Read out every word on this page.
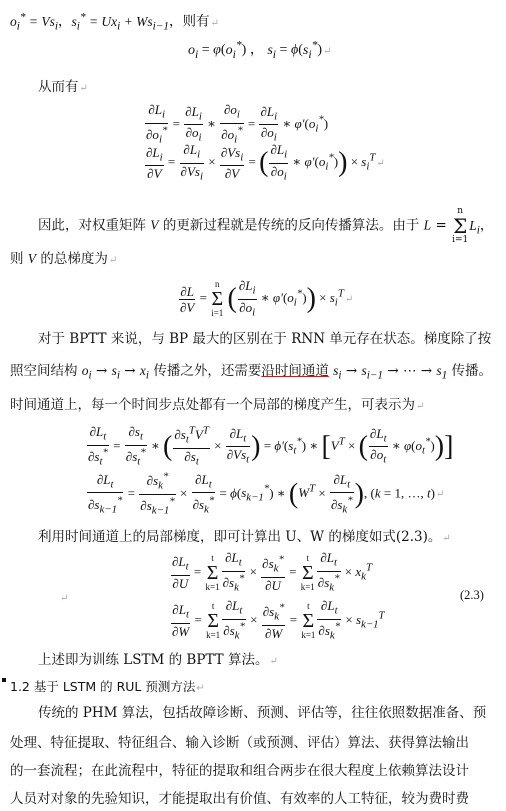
$o_i^* = Vs_i$，$s_i^* = Ux_i + Ws_{i-1}$，则有↵
$o_i = \varphi(o_i^*)$ ， $s_i$ = $\phi(s_i^*)↵$
从而有↵
$\frac{\partial L_i}{\partial o_i^*} = \frac{\partial L_i}{\partial o_i}$ ∗ $\frac{\partial o_i}{\partial o_i^*} = \frac{\partial L_i}{\partial o_i}$ ∗ $\varphi'(o_i^*)$
$\frac{\partial L_i}{\partial V} = \frac{\partial L_i}{\partial Vs_i} \times \frac{\partial Vs_i}{\partial V}$ = ( $\frac{\partial L_i}{\partial o_i}$ ∗ $\varphi'(o_i^*)$) × $s_i^T↵$
因此，对权重矩阵 V 的更新过程就是传统的反向传播算法。由于 L = n
Σ
$i=1L_i$，
则 V 的总梯度为↵
$\frac{\partial L}{\partial V} = n$
Σ
i=1 ( $\frac{\partial L_i}{\partial o_i}$ ∗ $\varphi'(o_i^*)$) × $s_i^T↵$
对于 BPTT 来说，与 BP 最大的区别在于 RNN 单元存在状态。梯度除了按
照空间结构 $o_i \to s_i \to x_i$ 传播之外，还需要沿时间通道 $s_i \to s_{i-1}$ → ⋯ → $s_1$ 传播。
时间通道上，每一个时间步点处都有一个局部的梯度产生，可表示为↵
$\frac{\partial L_t}{\partial s_t^*} = \frac{\partial s_t}{\partial s_t^*}$ ∗ ( $\frac{\partial s_t^TV^T}{\partial s_t} \times \frac{\partial L_t}{\partial Vs_t}$ ) = $\phi'(s_t^*)$ ∗ [$V^T$ × ( $\frac{\partial L_t}{\partial o_t}$ ∗ $\varphi(o_t^*)$)]
$\frac{\partial L_t}{\partial s_{k-1}^*} = \frac{\partial s_k^*}{\partial s_{k-1}^*} \times \frac{\partial L_t}{\partial s_k^*} = \phi(s_{k-1}^*)$ ∗ ($W^T \times \frac{\partial L_t}{\partial s_k^*}$ ), (k = 1, …, t)↵
利用时间通道上的局部梯度，即可计算出 U、W 的梯度如式(2.3)。↵
$\frac{\partial L_t}{\partial U} = t$
Σ
$k=1 \frac{\partial L_t}{\partial s_k^*} \times \frac{\partial s_k^*}{\partial U} = t$
Σ
$k=1 \frac{\partial L_t}{\partial s_k^*} \times x_k^T$
↵	(2.3)
$\frac{\partial L_t}{\partial W} = t$
Σ
$k=1 \frac{\partial L_t}{\partial s_k^*} \times \frac{\partial s_k^*}{\partial W} = t$
Σ
$k=1 \frac{\partial L_t}{\partial s_k^*} \times s_{k-1}^T$
上述即为训练 LSTM 的 BPTT 算法。↵
1.2 基于 LSTM 的 RUL 预测方法↵
传统的 PHM 算法，包括故障诊断、预测、评估等，往往依照数据准备、预
处理、特征提取、特征组合、输入诊断（或预测、评估）算法、获得算法输出
的一套流程；在此流程中，特征的提取和组合两步在很大程度上依赖算法设计
人员对对象的先验知识，才能提取出有价值、有效率的人工特征，较为费时费
